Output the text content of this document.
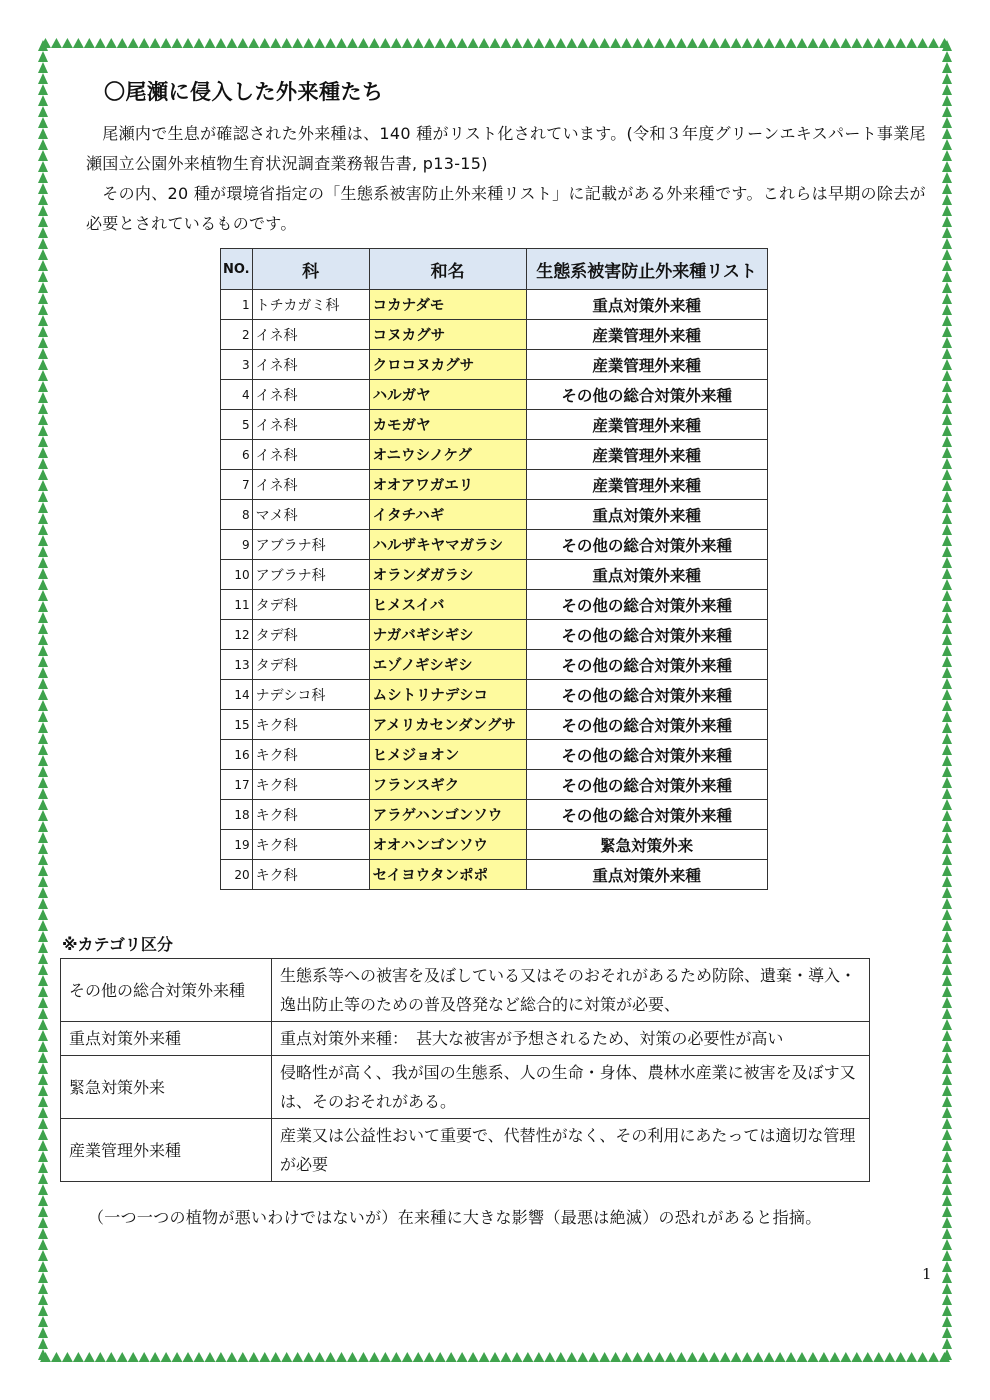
〇尾瀬に侵入した外来種たち
　尾瀬内で生息が確認された外来種は、140 種がリスト化されています。(令和３年度グリーンエキスパート事業尾瀬国立公園外来植物生育状況調査業務報告書, p13-15)
　その内、20 種が環境省指定の「生態系被害防止外来種リスト」に記載がある外来種です。これらは早期の除去が必要とされているものです。
NO.	科	和名	生態系被害防止外来種リスト
1	トチカガミ科	コカナダモ	重点対策外来種
2	イネ科	コヌカグサ	産業管理外来種
3	イネ科	クロコヌカグサ	産業管理外来種
4	イネ科	ハルガヤ	その他の総合対策外来種
5	イネ科	カモガヤ	産業管理外来種
6	イネ科	オニウシノケグ	産業管理外来種
7	イネ科	オオアワガエリ	産業管理外来種
8	マメ科	イタチハギ	重点対策外来種
9	アブラナ科	ハルザキヤマガラシ	その他の総合対策外来種
10	アブラナ科	オランダガラシ	重点対策外来種
11	タデ科	ヒメスイバ	その他の総合対策外来種
12	タデ科	ナガバギシギシ	その他の総合対策外来種
13	タデ科	エゾノギシギシ	その他の総合対策外来種
14	ナデシコ科	ムシトリナデシコ	その他の総合対策外来種
15	キク科	アメリカセンダングサ	その他の総合対策外来種
16	キク科	ヒメジョオン	その他の総合対策外来種
17	キク科	フランスギク	その他の総合対策外来種
18	キク科	アラゲハンゴンソウ	その他の総合対策外来種
19	キク科	オオハンゴンソウ	緊急対策外来
20	キク科	セイヨウタンポポ	重点対策外来種
※カテゴリ区分
その他の総合対策外来種	生態系等への被害を及ぼしている又はそのおそれがあるため防除、遺棄・導入・逸出防止等のための普及啓発など総合的に対策が必要、
重点対策外来種	重点対策外来種：　甚大な被害が予想されるため、対策の必要性が高い
緊急対策外来	侵略性が高く、我が国の生態系、人の生命・身体、農林水産業に被害を及ぼす又は、そのおそれがある。
産業管理外来種	産業又は公益性おいて重要で、代替性がなく、その利用にあたっては適切な管理が必要
（一つ一つの植物が悪いわけではないが）在来種に大きな影響（最悪は絶滅）の恐れがあると指摘。
1
